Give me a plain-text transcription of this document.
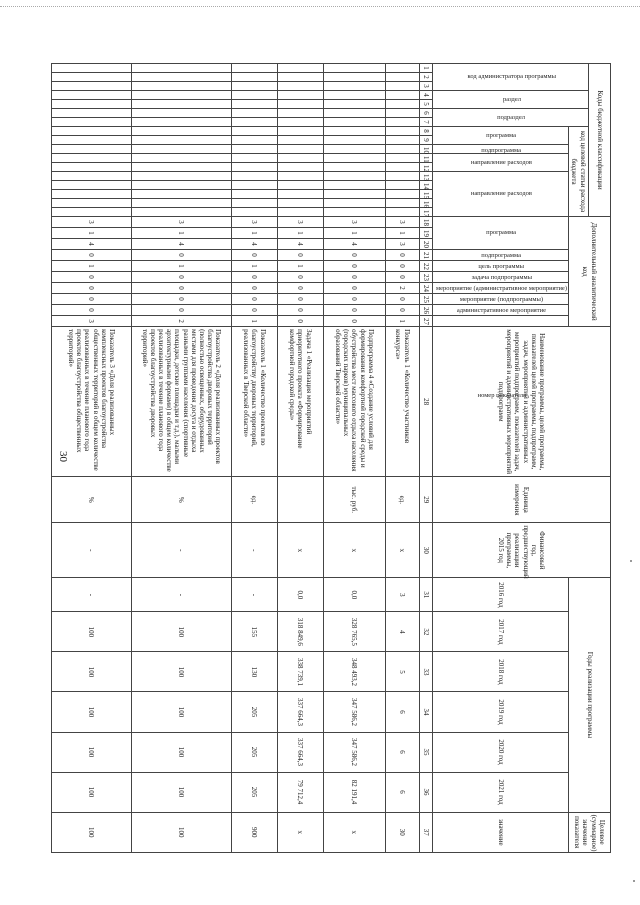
30
Коды бюджетной классификации																	Дополнительный аналитический код										Наименование программы, целей программы, показателей целей программы, подпрограмм, задач, мероприятий и административных мероприятий подпрограмм, показателей задач, мероприятий и административных мероприятий подпрограмм	Единица измерения	Финансовый год, предшествующий реализации программы, 2015 год	Годы реализации программы						Целевое (суммарное) значение показателя
код администратора программы			раздел		подраздел		код целевой статьи расхода бюджета																													
							программа		подпрограмма	направление расходов		направление расходов					программа			подпрограмма	цель программы	задача подпрограммы	мероприятие (административное мероприятие)	мероприятие (подпрограммы)	административное мероприятие	номер показателя				2016 год	2017 год	2018 год	2019 год	2020 год	2021 год	значение

1	2	3	4	5	6	7	8	9	10	11	12	13	14	15	16	17	18	19	20	21	22	23	24	25	26	27	28	29	30	31	32	33	34	35	36	37
																	3	1	3	0	0	0	2	0	0	1	Показатель 1 «Количество участников конкурса»	ед.	x	3	4	5	6	6	6	30
																	3	1	4	0	0	0	0	0	0	0	Подпрограмма 4 «Создание условий для формирования комфортной городской среды и обустройства мест массового отдыха населения (городских парков) муниципальных образований Тверской области»	тыс. руб.	x	0,0	328 765,5	348 493,2	347 586,2	347 586,2	82 191,4	x
																	3	1	4	0	1	0	0	0	0	0	Задача 1 «Реализация мероприятий приоритетного проекта «Формирование комфортной городской среды»		x	0,0	318 849,6	338 739,1	337 664,3	337 664,3	79 712,4	x
																	3	1	4	0	1	0	0	0	0	1	Показатель 1 «Количество проектов по благоустройству дворовых территорий, реализованных в Тверской области»	ед.	-	-	155	130	205	205	205	900
																	3	1	4	0	1	0	0	0	0	2	Показатель 2 «Доля реализованных проектов благоустройства дворовых территорий (полностью освещенных, оборудованных местами для проведения досуга и отдыха разными группами населения (спортивные площадки, детские площадки и т.д.), малыми архитектурными формами) в общем количестве реализованных в течение планового года проектов благоустройства дворовых территорий»	%	-	-	100	100	100	100	100	100
																	3	1	4	0	1	0	0	0	0	3	Показатель 3 «Доля реализованных комплексных проектов благоустройства общественных территорий в общем количестве реализованных в течение планового года проектов благоустройства общественных территорий»	%	-	-	100	100	100	100	100	100
